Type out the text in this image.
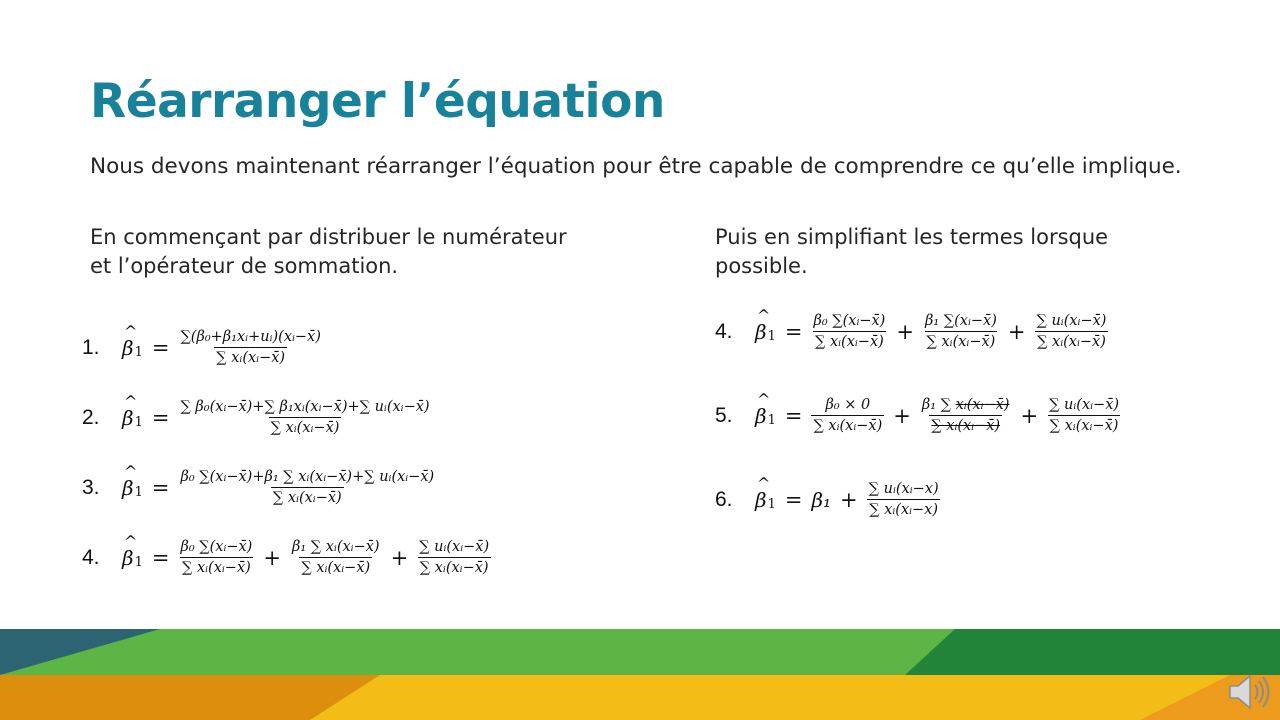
Réarranger l’équation
Nous devons maintenant réarranger l’équation pour être capable de comprendre ce qu’elle implique.
En commençant par distribuer le numérateur
et l’opérateur de sommation.
Puis en simplifiant les termes lorsque
possible.
1.	^ $\beta_1 = \frac{\text{∑(β₀+β₁xᵢ+uᵢ)(xᵢ−x̄)}}{\text{∑ xᵢ(xᵢ−x̄)}}$
2.	^ $\beta_1 = \frac{\text{∑ β₀(xᵢ−x̄)+∑ β₁xᵢ(xᵢ−x̄)+∑ uᵢ(xᵢ−x̄)}}{\text{∑ xᵢ(xᵢ−x̄)}}$
3.	^ $\beta_1 = \frac{\text{β₀ ∑(xᵢ−x̄)+β₁ ∑ xᵢ(xᵢ−x̄)+∑ uᵢ(xᵢ−x̄)}}{\text{∑ xᵢ(xᵢ−x̄)}}$
4.	^ $\beta_1 = \frac{\text{β₀ ∑(xᵢ−x̄)}}{\text{∑ xᵢ(xᵢ−x̄)}} + \frac{\text{β₁ ∑ xᵢ(xᵢ−x̄)}}{\text{∑ xᵢ(xᵢ−x̄)}} + \frac{\text{∑ uᵢ(xᵢ−x̄)}}{\text{∑ xᵢ(xᵢ−x̄)}}$
4.	^ $\beta_1 = \frac{\text{β₀ ∑(xᵢ−x̄)}}{\text{∑ xᵢ(xᵢ−x̄)}} + \frac{\text{β₁ ∑(xᵢ−x̄)}}{\text{∑ xᵢ(xᵢ−x̄)}} + \frac{\text{∑ uᵢ(xᵢ−x̄)}}{\text{∑ xᵢ(xᵢ−x̄)}}$
5.	^ $\beta_1 = \frac{\text{β₀ × 0}}{\text{∑ xᵢ(xᵢ−x̄)}} + \frac{\text{β₁ ∑ xᵢ(xᵢ−x̄)}}{\text{∑ xᵢ(xᵢ−x̄)}} + \frac{\text{∑ uᵢ(xᵢ−x̄)}}{\text{∑ xᵢ(xᵢ−x̄)}}$
6.	^ $\beta_1 = \beta_1 + \frac{\text{∑ uᵢ(xᵢ−x)}}{\text{∑ xᵢ(xᵢ−x)}}$
